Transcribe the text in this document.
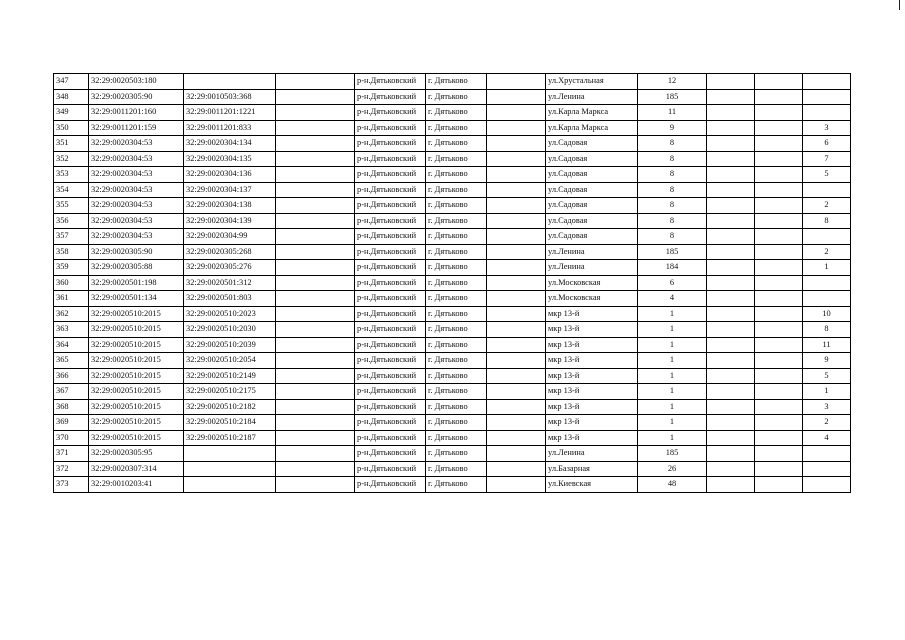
347	32:29:0020503:180			р-н.Дятьковский	г. Дятьково		ул.Хрустальная	12			
348	32:29:0020305:90	32:29:0010503:368		р-н.Дятьковский	г. Дятьково		ул.Ленина	185			
349	32:29:0011201:160	32:29:0011201:1221		р-н.Дятьковский	г. Дятьково		ул.Карла Маркса	11			
350	32:29:0011201:159	32:29:0011201:833		р-н.Дятьковский	г. Дятьково		ул.Карла Маркса	9			3
351	32:29:0020304:53	32:29:0020304:134		р-н.Дятьковский	г. Дятьково		ул.Садовая	8			6
352	32:29:0020304:53	32:29:0020304:135		р-н.Дятьковский	г. Дятьково		ул.Садовая	8			7
353	32:29:0020304:53	32:29:0020304:136		р-н.Дятьковский	г. Дятьково		ул.Садовая	8			5
354	32:29:0020304:53	32:29:0020304:137		р-н.Дятьковский	г. Дятьково		ул.Садовая	8			
355	32:29:0020304:53	32:29:0020304:138		р-н.Дятьковский	г. Дятьково		ул.Садовая	8			2
356	32:29:0020304:53	32:29:0020304:139		р-н.Дятьковский	г. Дятьково		ул.Садовая	8			8
357	32:29:0020304:53	32:29:0020304:99		р-н.Дятьковский	г. Дятьково		ул.Садовая	8			
358	32:29:0020305:90	32:29:0020305:268		р-н.Дятьковский	г. Дятьково		ул.Ленина	185			2
359	32:29:0020305:88	32:29:0020305:276		р-н.Дятьковский	г. Дятьково		ул.Ленина	184			1
360	32:29:0020501:198	32:29:0020501:312		р-н.Дятьковский	г. Дятьково		ул.Московская	6			
361	32:29:0020501:134	32:29:0020501:803		р-н.Дятьковский	г. Дятьково		ул.Московская	4			
362	32:29:0020510:2015	32:29:0020510:2023		р-н.Дятьковский	г. Дятьково		мкр 13-й	1			10
363	32:29:0020510:2015	32:29:0020510:2030		р-н.Дятьковский	г. Дятьково		мкр 13-й	1			8
364	32:29:0020510:2015	32:29:0020510:2039		р-н.Дятьковский	г. Дятьково		мкр 13-й	1			11
365	32:29:0020510:2015	32:29:0020510:2054		р-н.Дятьковский	г. Дятьково		мкр 13-й	1			9
366	32:29:0020510:2015	32:29:0020510:2149		р-н.Дятьковский	г. Дятьково		мкр 13-й	1			5
367	32:29:0020510:2015	32:29:0020510:2175		р-н.Дятьковский	г. Дятьково		мкр 13-й	1			1
368	32:29:0020510:2015	32:29:0020510:2182		р-н.Дятьковский	г. Дятьково		мкр 13-й	1			3
369	32:29:0020510:2015	32:29:0020510:2184		р-н.Дятьковский	г. Дятьково		мкр 13-й	1			2
370	32:29:0020510:2015	32:29:0020510:2187		р-н.Дятьковский	г. Дятьково		мкр 13-й	1			4
371	32:29:0020305:95			р-н.Дятьковский	г. Дятьково		ул.Ленина	185			
372	32:29:0020307:314			р-н.Дятьковский	г. Дятьково		ул.Базарная	26			
373	32:29:0010203:41			р-н.Дятьковский	г. Дятьково		ул.Киевская	48			
